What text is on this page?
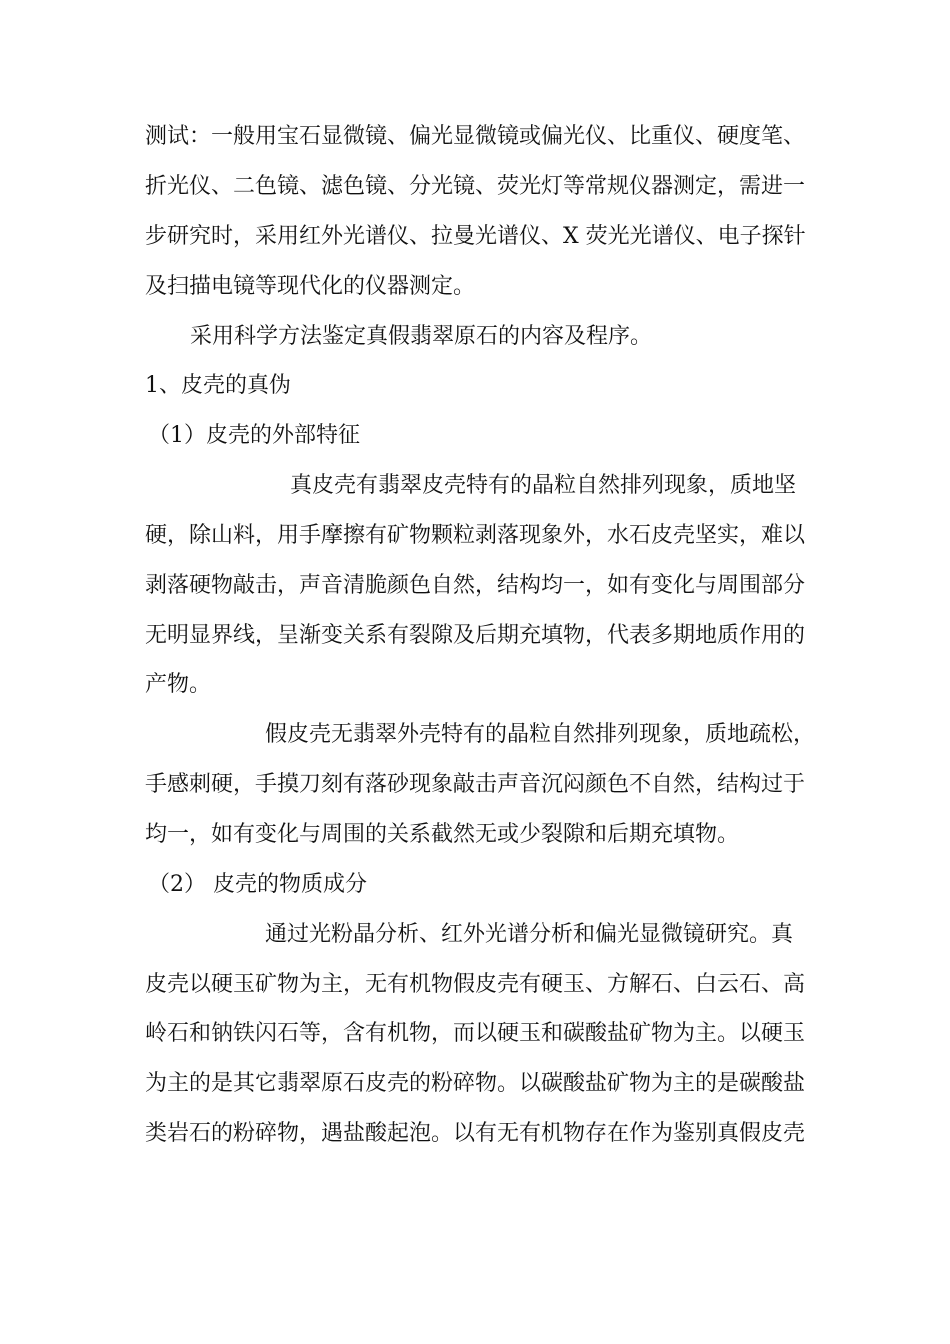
测试：一般用宝石显微镜、偏光显微镜或偏光仪、比重仪、硬度笔、
折光仪、二色镜、滤色镜、分光镜、荧光灯等常规仪器测定，需进一
步研究时，采用红外光谱仪、拉曼光谱仪、X 荧光光谱仪、电子探针
及扫描电镜等现代化的仪器测定。
采用科学方法鉴定真假翡翠原石的内容及程序。
1、皮壳的真伪
（1）皮壳的外部特征
真皮壳有翡翠皮壳特有的晶粒自然排列现象，质地坚
硬，除山料，用手摩擦有矿物颗粒剥落现象外，水石皮壳坚实，难以
剥落硬物敲击，声音清脆颜色自然，结构均一，如有变化与周围部分
无明显界线，呈渐变关系有裂隙及后期充填物，代表多期地质作用的
产物。
假皮壳无翡翠外壳特有的晶粒自然排列现象，质地疏松，
手感刺硬，手摸刀刻有落砂现象敲击声音沉闷颜色不自然，结构过于
均一，如有变化与周围的关系截然无或少裂隙和后期充填物。
（2） 皮壳的物质成分
通过光粉晶分析、红外光谱分析和偏光显微镜研究。真
皮壳以硬玉矿物为主，无有机物假皮壳有硬玉、方解石、白云石、高
岭石和钠铁闪石等，含有机物，而以硬玉和碳酸盐矿物为主。以硬玉
为主的是其它翡翠原石皮壳的粉碎物。以碳酸盐矿物为主的是碳酸盐
类岩石的粉碎物，遇盐酸起泡。以有无有机物存在作为鉴别真假皮壳
